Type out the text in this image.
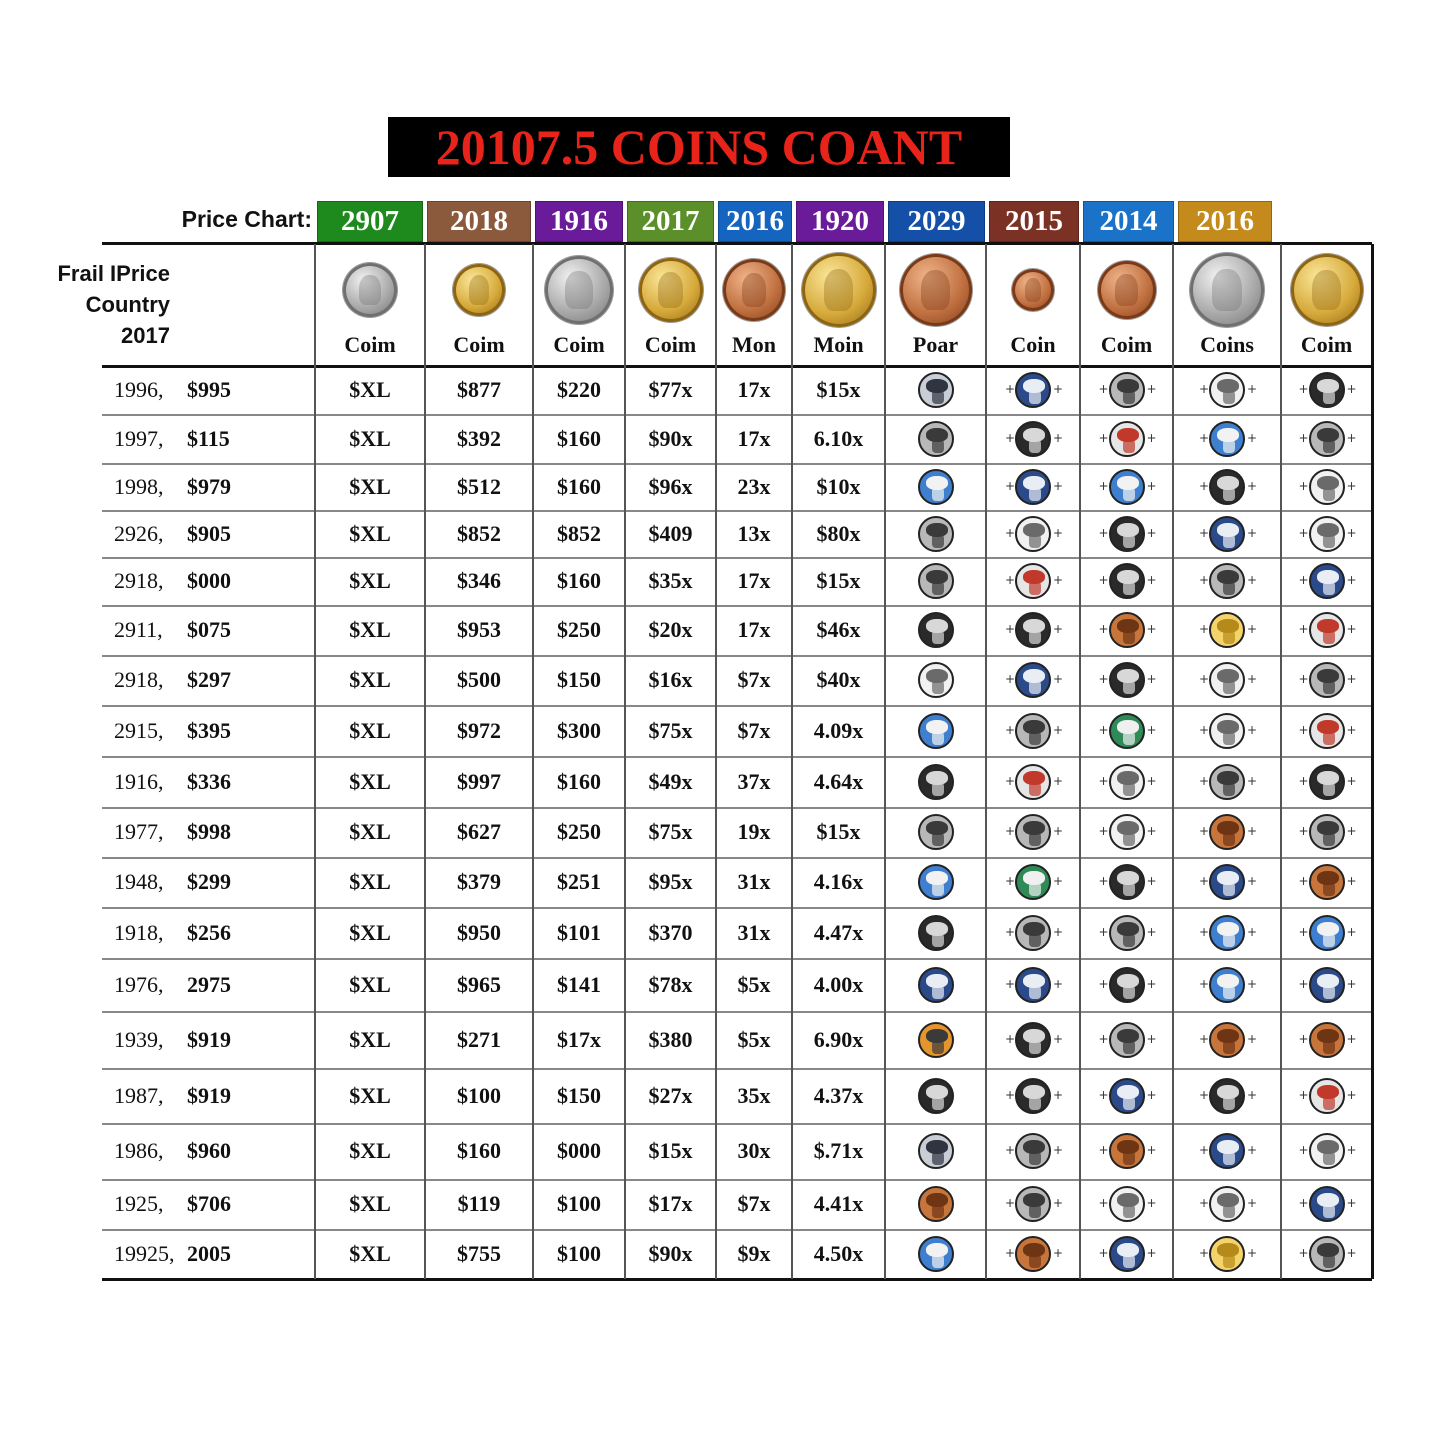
20107.5 COINS COANT
Price Chart:	2907	2018	1916	2017 2016 1920	2029	2015	2014	2016
Frail IPrice
Country
2017	Coim	Coim	Coim	Coim	Mon	Moin	Poar	Coin	Coim	Coins	Coim
1996, $995	$XL	$877	$220	$77x	17x	$15x	+	+	+	+	+	+	+	+
1997, $115	$XL	$392	$160	$90x	17x	6.10x	+	+	+	+	+	+	+	+
1998, $979	$XL	$512	$160	$96x	23x	$10x	+	+	+	+	+	+	+	+
2926, $905	$XL	$852	$852	$409	13x	$80x	+	+	+	+	+	+	+	+
2918, $000	$XL	$346	$160	$35x	17x	$15x	+	+	+	+	+	+	+	+
2911, $075	$XL	$953	$250	$20x	17x	$46x	+	+	+	+	+	+	+	+
2918, $297	$XL	$500	$150	$16x	$7x	$40x	+	+	+	+	+	+	+	+
2915, $395	$XL	$972	$300	$75x	$7x	4.09x	+	+	+	+	+	+	+	+
1916, $336	$XL	$997	$160	$49x	37x	4.64x	+	+	+	+	+	+	+	+
1977, $998	$XL	$627	$250	$75x	19x	$15x	+	+	+	+	+	+	+	+
1948, $299	$XL	$379	$251	$95x	31x	4.16x	+	+	+	+	+	+	+	+
1918, $256	$XL	$950	$101	$370	31x	4.47x	+	+	+	+	+	+	+	+
1976, 2975	$XL	$965	$141	$78x	$5x	4.00x	+	+	+	+	+	+	+	+
1939, $919	$XL	$271	$17x	$380	$5x	6.90x	+	+	+	+	+	+	+	+
1987, $919	$XL	$100	$150	$27x	35x	4.37x	+	+	+	+	+	+	+	+
1986, $960	$XL	$160	$000	$15x	30x	$.71x	+	+	+	+	+	+	+	+
1925, $706	$XL	$119	$100	$17x	$7x	4.41x	+	+	+	+	+	+	+	+
19925, 2005	$XL	$755	$100	$90x	$9x	4.50x	+	+	+	+	+	+	+	+
